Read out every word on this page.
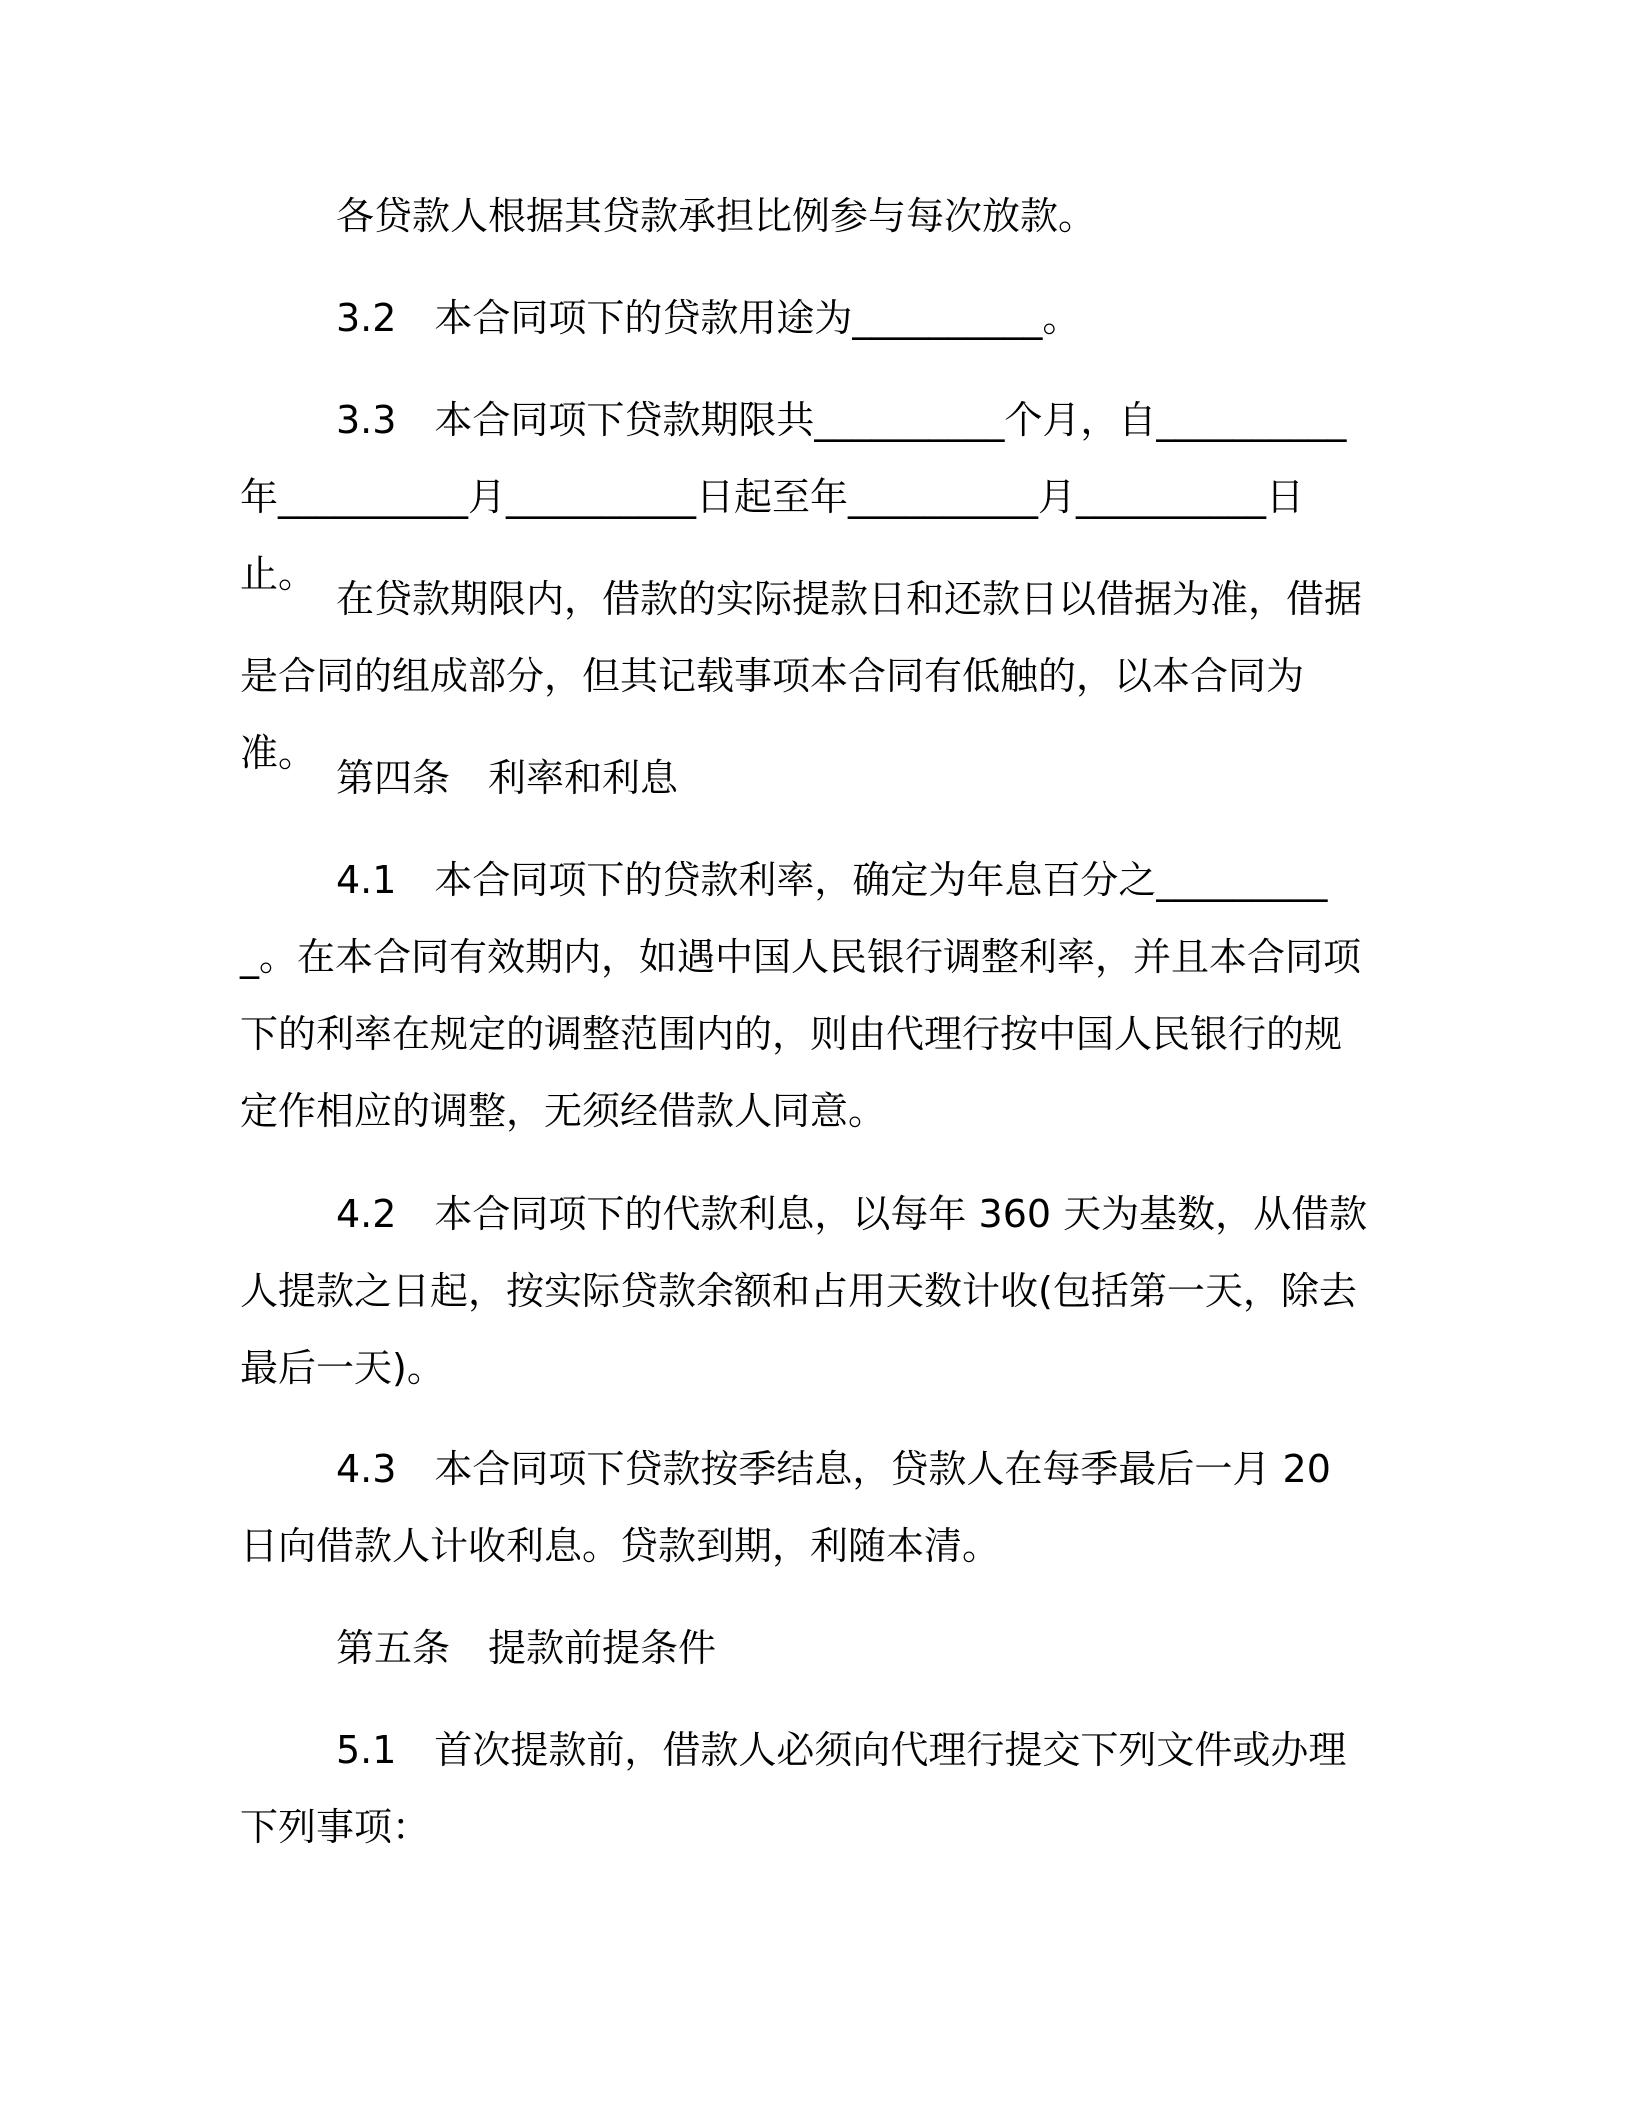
各贷款人根据其贷款承担比例参与每次放款。

3.2　本合同项下的贷款用途为__________。

3.3　本合同项下贷款期限共__________个月，自__________年__________月__________日起至年__________月__________日止。

在贷款期限内，借款的实际提款日和还款日以借据为准，借据是合同的组成部分，但其记载事项本合同有低触的，以本合同为准。

第四条　利率和利息

4.1　本合同项下的贷款利率，确定为年息百分之__________。在本合同有效期内，如遇中国人民银行调整利率，并且本合同项下的利率在规定的调整范围内的，则由代理行按中国人民银行的规定作相应的调整，无须经借款人同意。

4.2　本合同项下的代款利息，以每年 360 天为基数，从借款人提款之日起，按实际贷款余额和占用天数计收(包括第一天，除去最后一天)。

4.3　本合同项下贷款按季结息，贷款人在每季最后一月 20 日向借款人计收利息。贷款到期，利随本清。

第五条　提款前提条件

5.1　首次提款前，借款人必须向代理行提交下列文件或办理下列事项：
